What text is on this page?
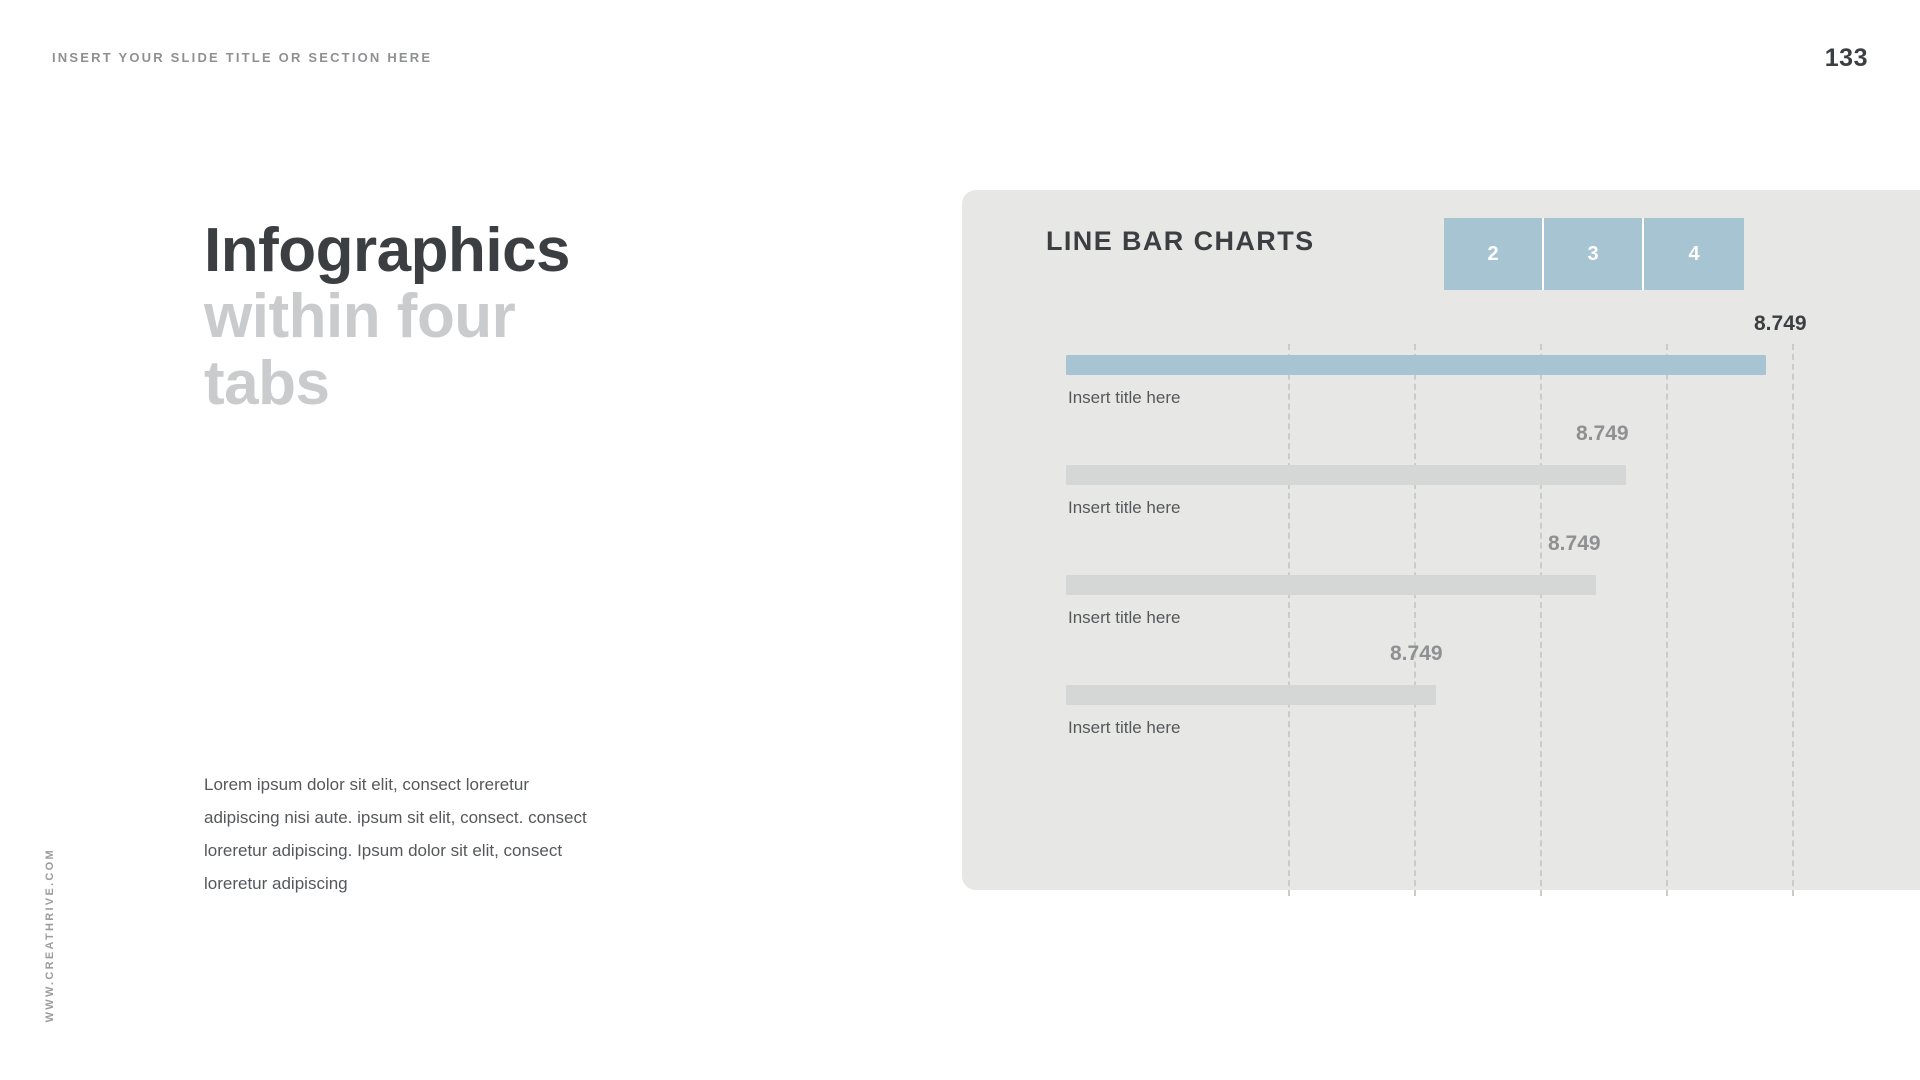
INSERT YOUR SLIDE TITLE OR SECTION HERE	133
WWW.CREATHRIVE.COM
Infographics
within four
tabs
Lorem ipsum dolor sit elit, consect loreretur adipiscing nisi aute. ipsum sit elit, consect. consect loreretur adipiscing. Ipsum dolor sit elit, consect loreretur adipiscing
LINE BAR CHARTS	2	3	4
8.749
Insert title here
8.749
Insert title here
8.749
Insert title here
8.749
Insert title here
